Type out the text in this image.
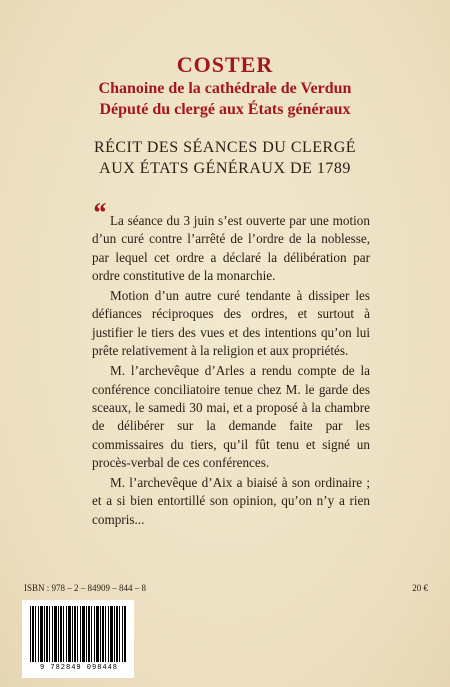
COSTER
Chanoine de la cathédrale de Verdun
Député du clergé aux États généraux
RÉCIT DES SÉANCES DU CLERGÉ
AUX ÉTATS GÉNÉRAUX DE 1789
“ La séance du 3 juin s’est ouverte par une motion d’un curé contre l’arrêté de l’ordre de la noblesse, par lequel cet ordre a déclaré la délibération par ordre constitutive de la monarchie.

Motion d’un autre curé tendante à dissiper les défiances réciproques des ordres, et surtout à justifier le tiers des vues et des intentions qu’on lui prête relativement à la religion et aux propriétés.

M. l’archevêque d’Arles a rendu compte de la conférence conciliatoire tenue chez M. le garde des sceaux, le samedi 30 mai, et a proposé à la chambre de délibérer sur la demande faite par les commissaires du tiers, qu’il fût tenu et signé un procès-verbal de ces conférences.

M. l’archevêque d’Aix a biaisé à son ordinaire ; et a si bien entortillé son opinion, qu’on n’y a rien compris...

ISBN : 978 – 2 – 84909 – 844 – 8	20 €
9 782849 098448
